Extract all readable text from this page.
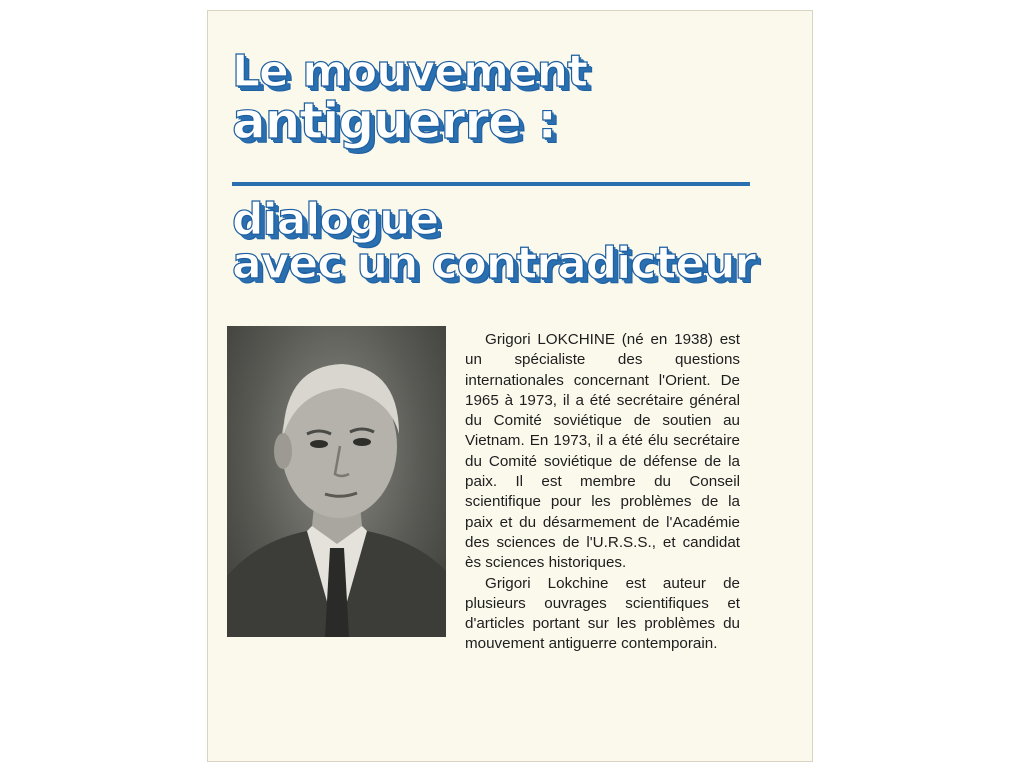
Le mouvement
antiguerre :
dialogue
avec un contradicteur

Grigori LOKCHINE (né en 1938) est un spécialiste des questions internationales concernant l'Orient. De 1965 à 1973, il a été secrétaire général du Comité soviétique de soutien au Vietnam. En 1973, il a été élu secrétaire du Comité soviétique de défense de la paix. Il est membre du Conseil scientifique pour les problèmes de la paix et du désarmement de l'Académie des sciences de l'U.R.S.S., et candidat ès sciences historiques.

Grigori Lokchine est auteur de plusieurs ouvrages scientifiques et d'articles portant sur les problèmes du mouvement antiguerre contemporain.
